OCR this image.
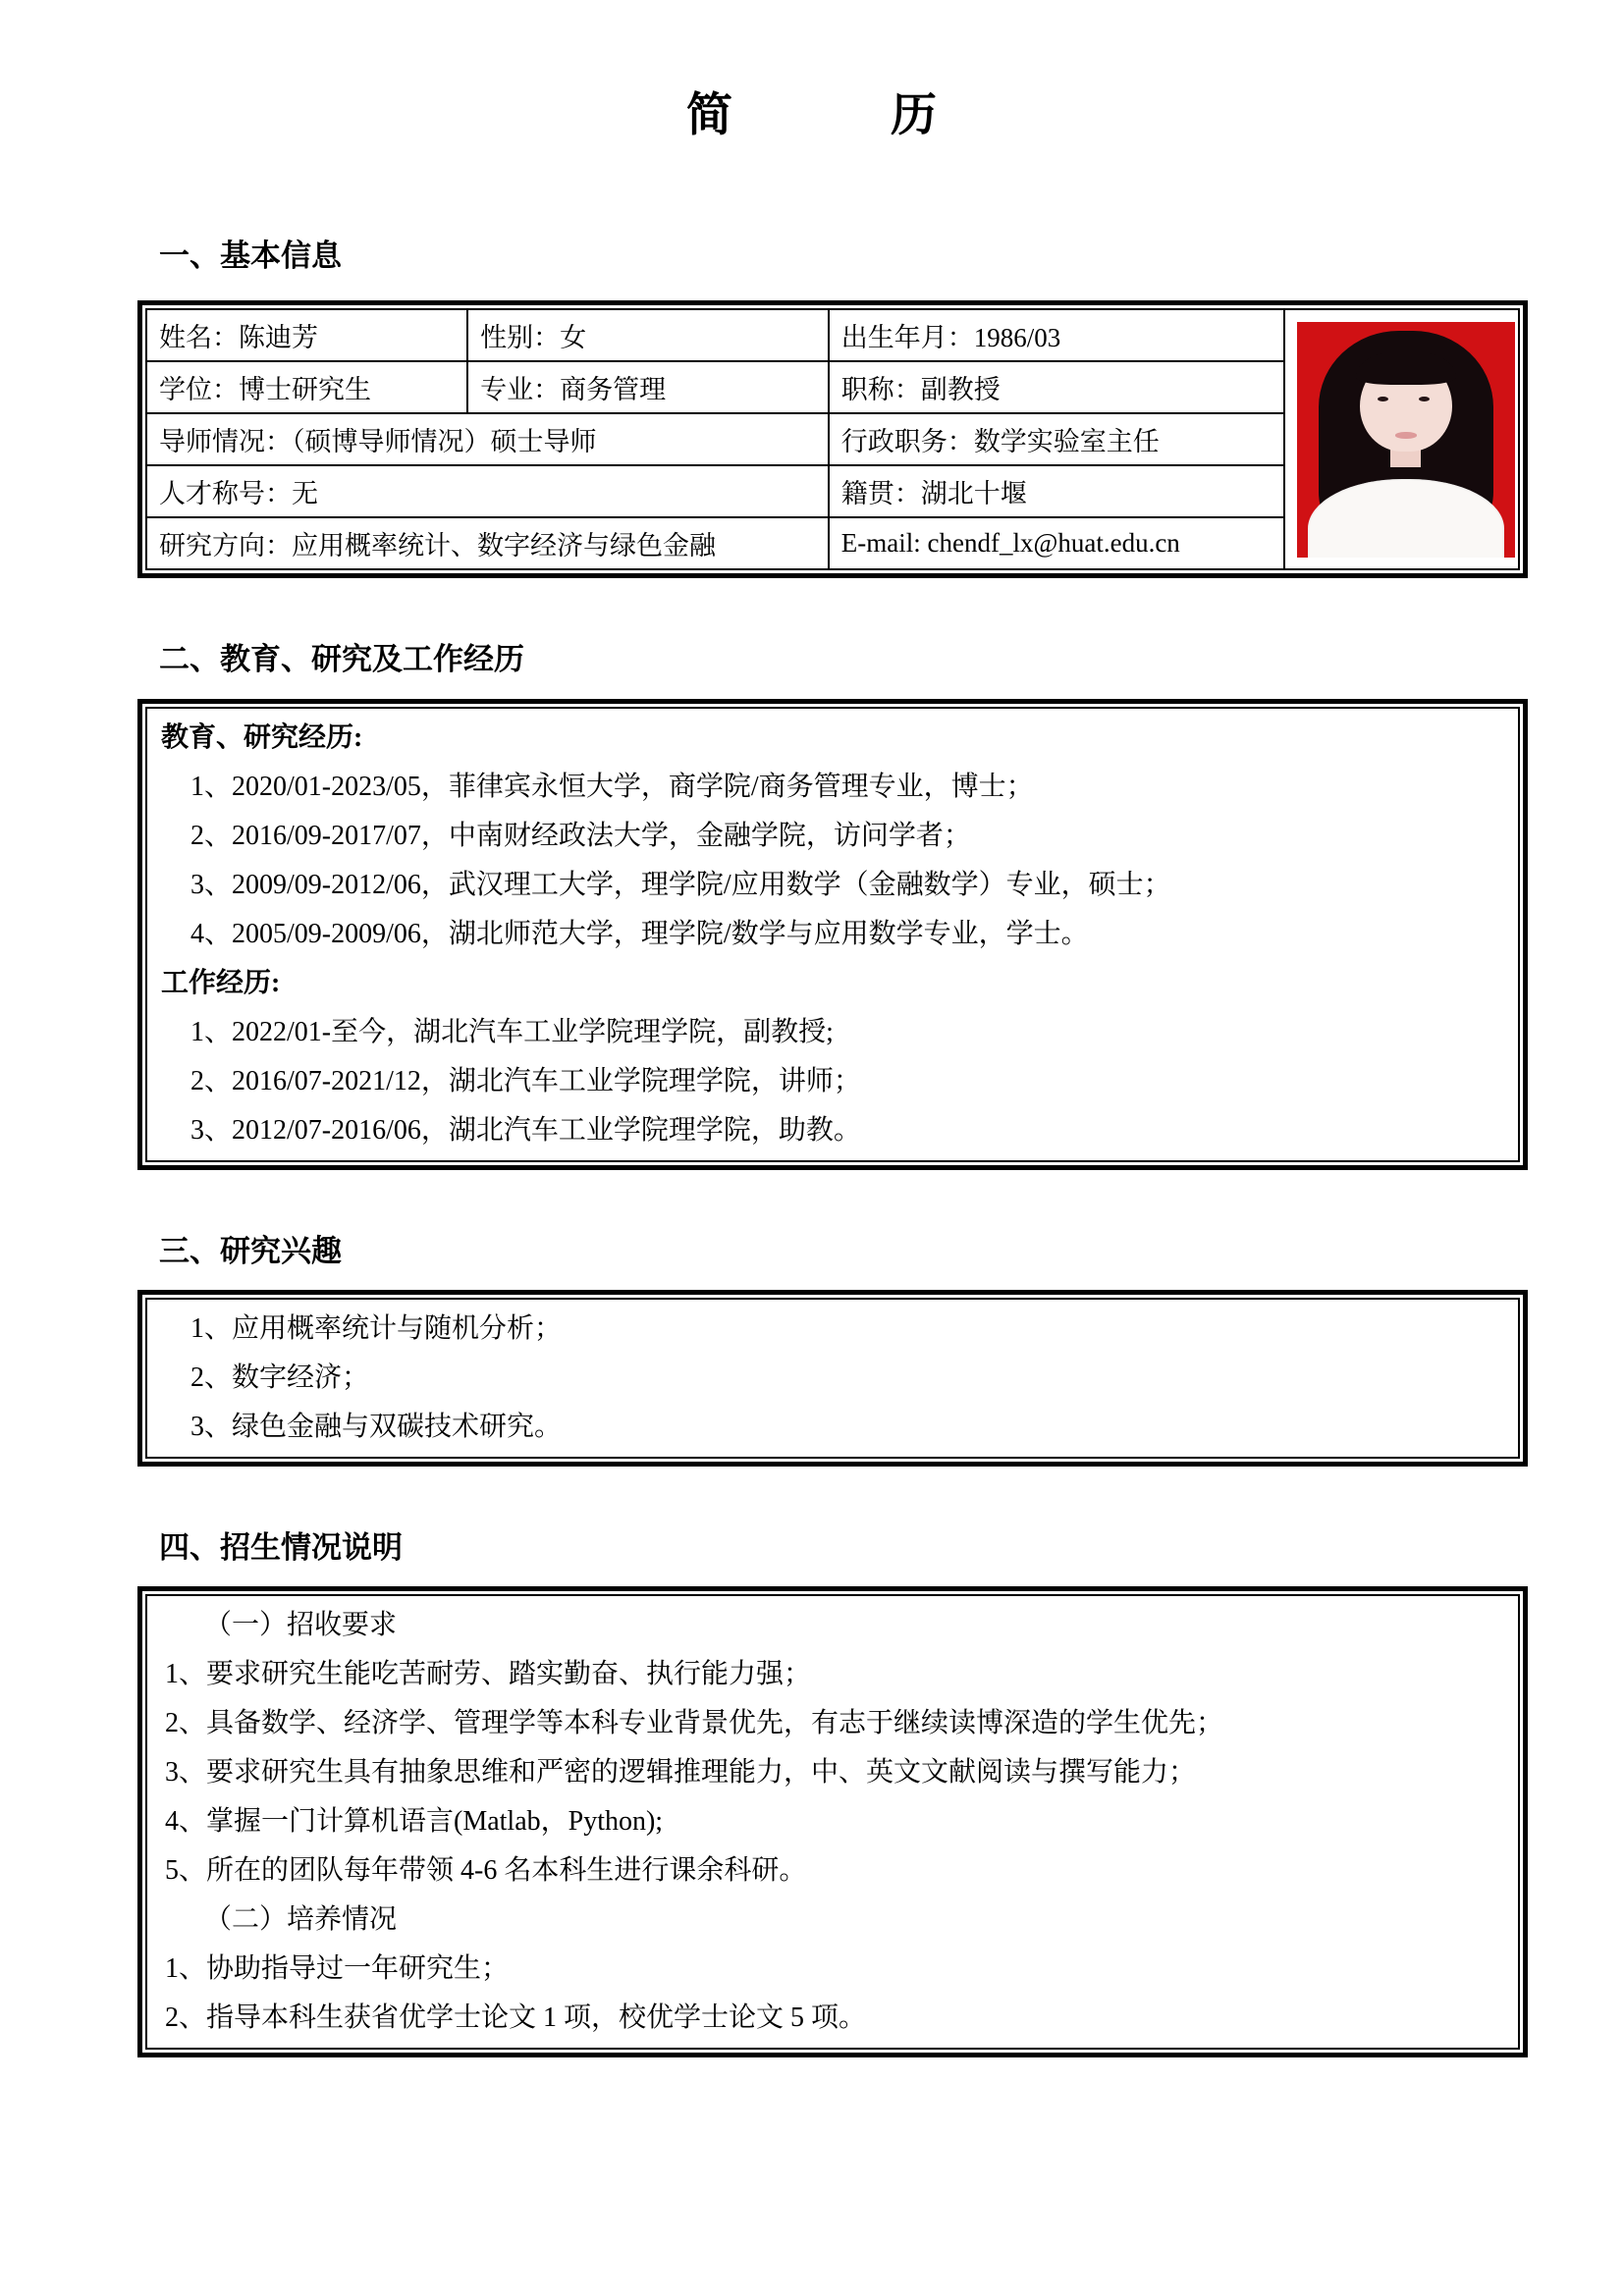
简	历
一、基本信息
姓名：陈迪芳	性别：女	出生年月：1986/03	

学位：博士研究生	专业：商务管理	职称：副教授	
导师情况：（硕博导师情况）硕士导师		行政职务：数学实验室主任	
人才称号：无		籍贯：湖北十堰	
研究方向：应用概率统计、数字经济与绿色金融		E-mail: chendf_lx@huat.edu.cn	
二、教育、研究及工作经历
教育、研究经历:
1、2020/01-2023/05，菲律宾永恒大学，商学院/商务管理专业，博士；
2、2016/09-2017/07，中南财经政法大学，金融学院，访问学者；
3、2009/09-2012/06，武汉理工大学，理学院/应用数学（金融数学）专业，硕士；
4、2005/09-2009/06，湖北师范大学，理学院/数学与应用数学专业，学士。
工作经历:
1、2022/01-至今，湖北汽车工业学院理学院，副教授;
2、2016/07-2021/12，湖北汽车工业学院理学院，讲师；
3、2012/07-2016/06，湖北汽车工业学院理学院，助教。
三、研究兴趣
1、应用概率统计与随机分析；
2、数字经济；
3、绿色金融与双碳技术研究。
四、招生情况说明
（一）招收要求
1、要求研究生能吃苦耐劳、踏实勤奋、执行能力强；
2、具备数学、经济学、管理学等本科专业背景优先，有志于继续读博深造的学生优先；
3、要求研究生具有抽象思维和严密的逻辑推理能力，中、英文文献阅读与撰写能力；
4、掌握一门计算机语言(Matlab，Python);
5、所在的团队每年带领 4-6 名本科生进行课余科研。
（二）培养情况
1、协助指导过一年研究生；
2、指导本科生获省优学士论文 1 项，校优学士论文 5 项。
